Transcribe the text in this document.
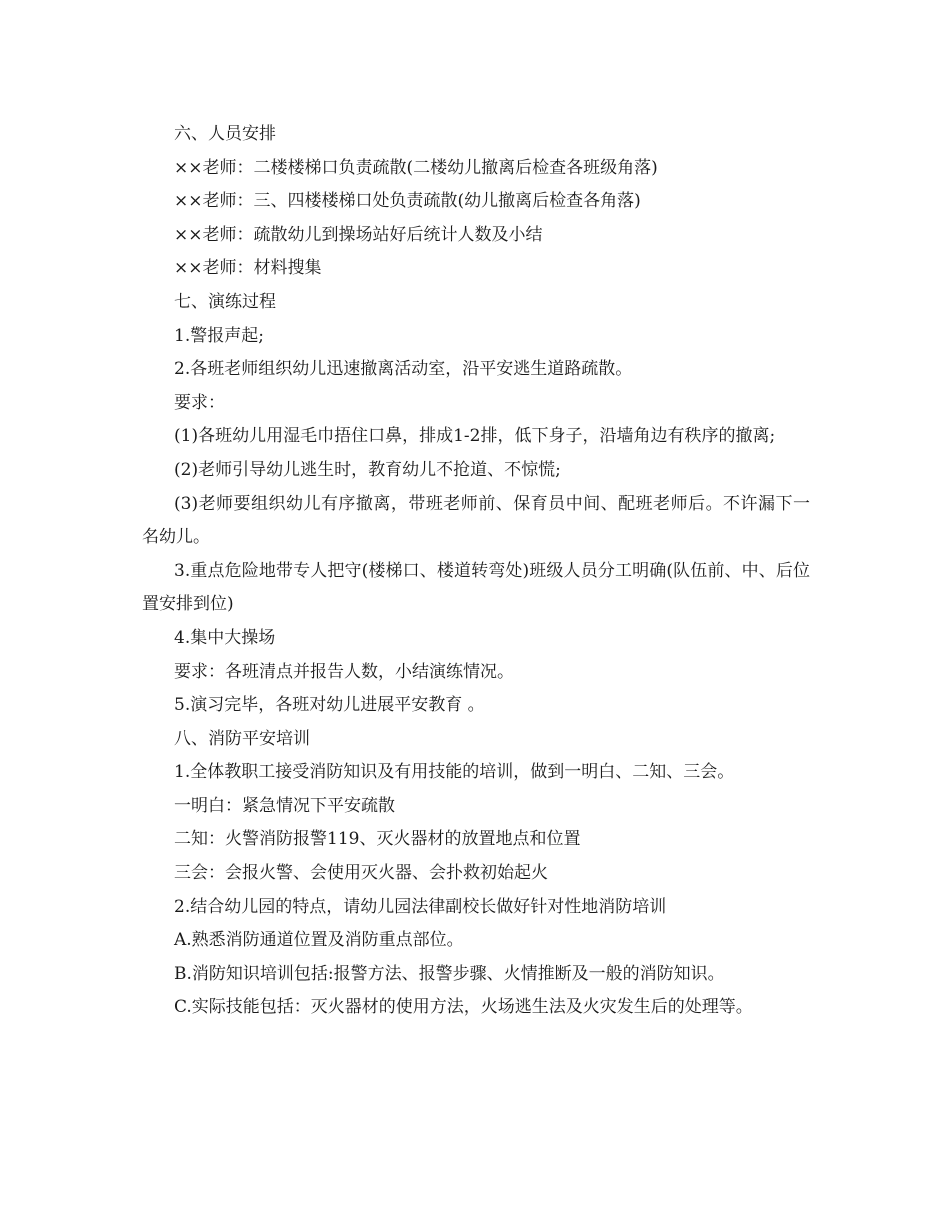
六、人员安排

××老师：二楼楼梯口负责疏散(二楼幼儿撤离后检查各班级角落)

××老师：三、四楼楼梯口处负责疏散(幼儿撤离后检查各角落)

××老师：疏散幼儿到操场站好后统计人数及小结

××老师：材料搜集

七、演练过程

1.警报声起;

2.各班老师组织幼儿迅速撤离活动室，沿平安逃生道路疏散。

要求：

(1)各班幼儿用湿毛巾捂住口鼻，排成1-2排，低下身子，沿墙角边有秩序的撤离;

(2)老师引导幼儿逃生时，教育幼儿不抢道、不惊慌;

(3)老师要组织幼儿有序撤离，带班老师前、保育员中间、配班老师后。不许漏下一名幼儿。

3.重点危险地带专人把守(楼梯口、楼道转弯处)班级人员分工明确(队伍前、中、后位置安排到位)

4.集中大操场

要求：各班清点并报告人数，小结演练情况。

5.演习完毕，各班对幼儿进展平安教育 。

八、消防平安培训

1.全体教职工接受消防知识及有用技能的培训，做到一明白、二知、三会。

一明白：紧急情况下平安疏散

二知：火警消防报警119、灭火器材的放置地点和位置

三会：会报火警、会使用灭火器、会扑救初始起火

2.结合幼儿园的特点，请幼儿园法律副校长做好针对性地消防培训

A.熟悉消防通道位置及消防重点部位。

B.消防知识培训包括:报警方法、报警步骤、火情推断及一般的消防知识。

C.实际技能包括：灭火器材的使用方法，火场逃生法及火灾发生后的处理等。
